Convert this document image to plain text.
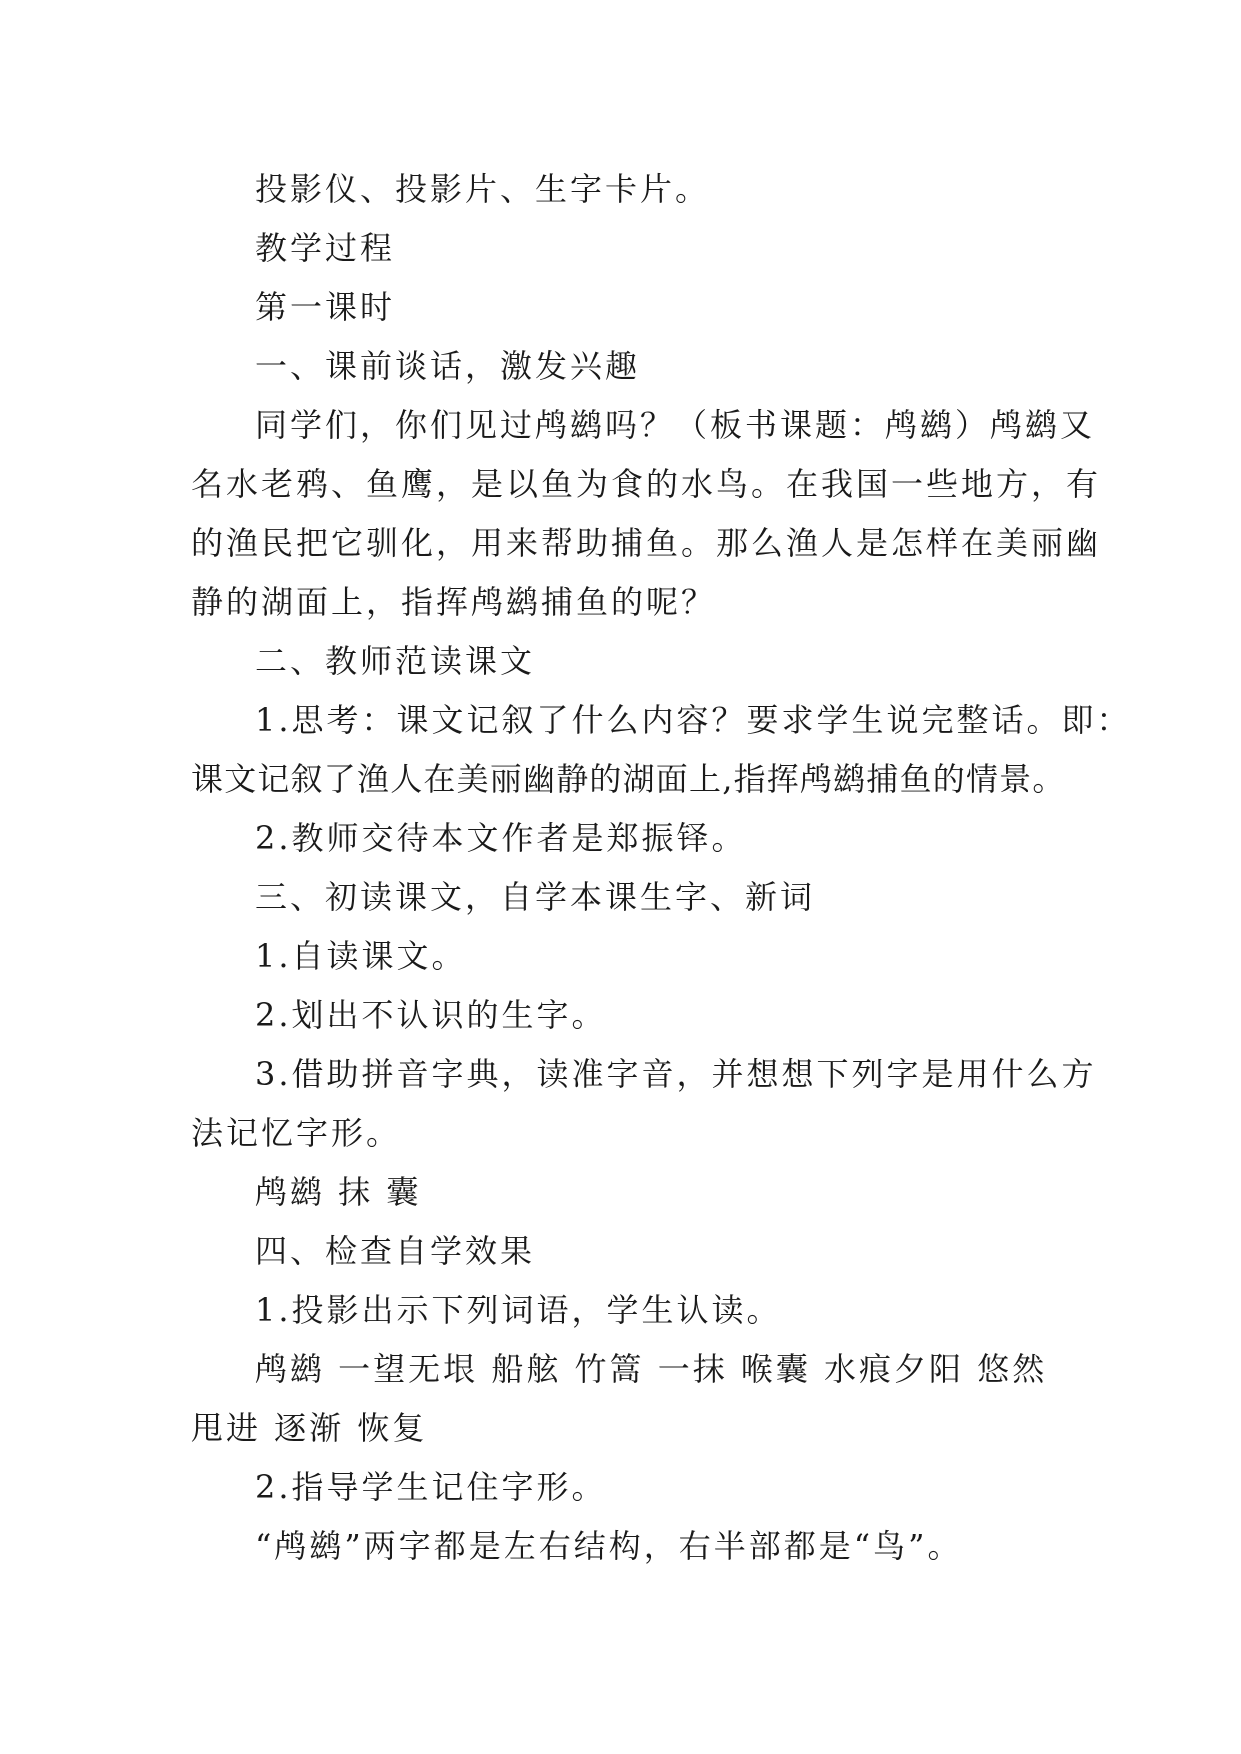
投影仪、投影片、生字卡片。

教学过程

第一课时

一、课前谈话，激发兴趣

同学们，你们见过鸬鹚吗？（板书课题：鸬鹚）鸬鹚又

名水老鸦、鱼鹰，是以鱼为食的水鸟。在我国一些地方，有

的渔民把它驯化，用来帮助捕鱼。那么渔人是怎样在美丽幽

静的湖面上，指挥鸬鹚捕鱼的呢？

二、教师范读课文

1.思考：课文记叙了什么内容？要求学生说完整话。即：

课文记叙了渔人在美丽幽静的湖面上,指挥鸬鹚捕鱼的情景。

2.教师交待本文作者是郑振铎。

三、初读课文，自学本课生字、新词

1.自读课文。

2.划出不认识的生字。

3.借助拼音字典，读准字音，并想想下列字是用什么方

法记忆字形。

鸬鹚 抹 囊

四、检查自学效果

1.投影出示下列词语，学生认读。

鸬鹚 一望无垠 船舷 竹篙 一抹 喉囊 水痕夕阳 悠然

甩进 逐渐 恢复

2.指导学生记住字形。

“鸬鹚”两字都是左右结构，右半部都是“鸟”。
